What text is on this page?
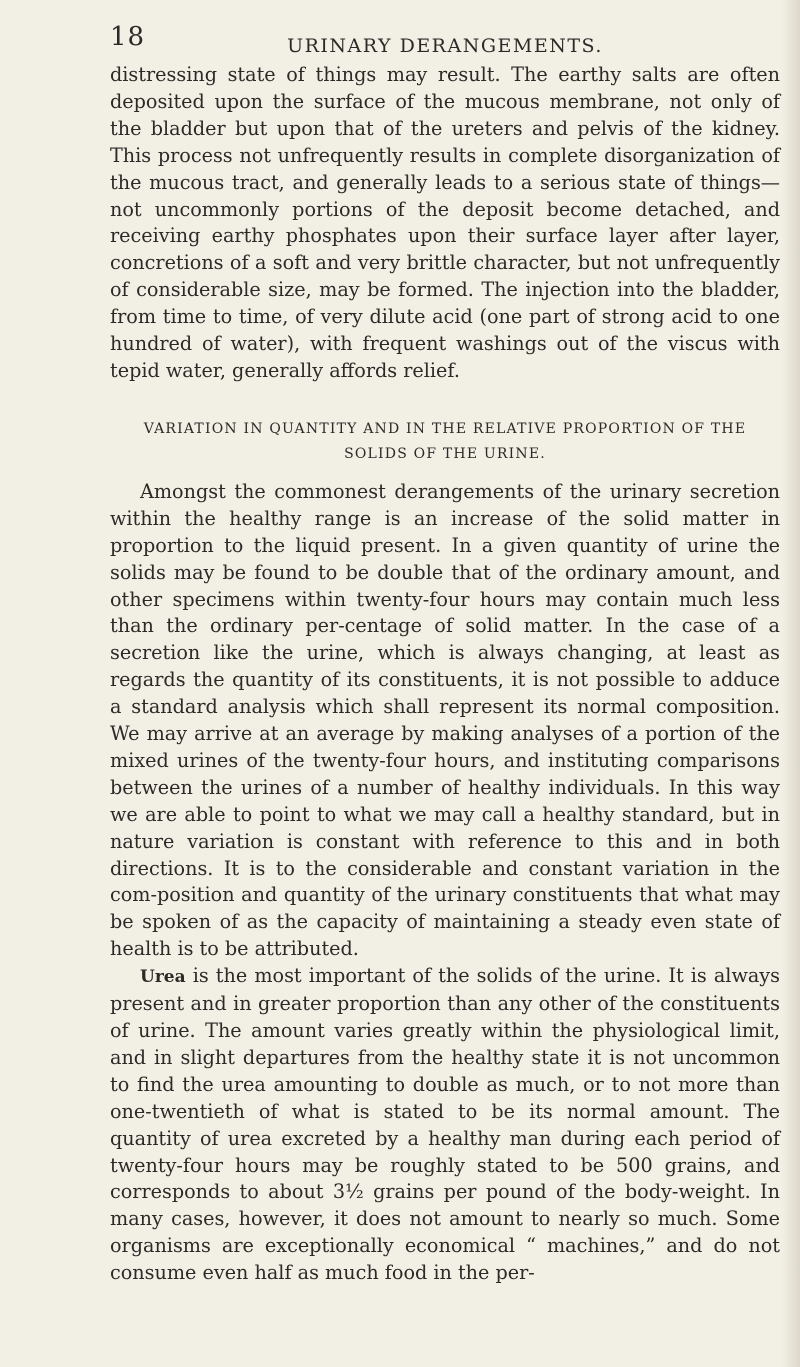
18	URINARY DERANGEMENTS.

distressing state of things may result. The earthy salts are often deposited upon the surface of the mucous membrane, not only of the bladder but upon that of the ureters and pelvis of the kidney. This process not unfrequently results in complete disorganization of the mucous tract, and generally leads to a serious state of things—not uncommonly portions of the deposit become detached, and receiving earthy phosphates upon their surface layer after layer, concretions of a soft and very brittle character, but not unfrequently of considerable size, may be formed. The injection into the bladder, from time to time, of very dilute acid (one part of strong acid to one hundred of water), with frequent washings out of the viscus with tepid water, generally affords relief.

VARIATION IN QUANTITY AND IN THE RELATIVE PROPORTION OF THE SOLIDS OF THE URINE.

Amongst the commonest derangements of the urinary secretion within the healthy range is an increase of the solid matter in proportion to the liquid present. In a given quantity of urine the solids may be found to be double that of the ordinary amount, and other specimens within twenty-four hours may contain much less than the ordinary per-centage of solid matter. In the case of a secretion like the urine, which is always changing, at least as regards the quantity of its constituents, it is not possible to adduce a standard analysis which shall represent its normal composition. We may arrive at an average by making analyses of a portion of the mixed urines of the twenty-four hours, and instituting comparisons between the urines of a number of healthy individuals. In this way we are able to point to what we may call a healthy standard, but in nature variation is constant with reference to this and in both directions. It is to the considerable and constant variation in the com-position and quantity of the urinary constituents that what may be spoken of as the capacity of maintaining a steady even state of health is to be attributed.

Urea is the most important of the solids of the urine. It is always present and in greater proportion than any other of the constituents of urine. The amount varies greatly within the physiological limit, and in slight departures from the healthy state it is not uncommon to find the urea amounting to double as much, or to not more than one-twentieth of what is stated to be its normal amount. The quantity of urea excreted by a healthy man during each period of twenty-four hours may be roughly stated to be 500 grains, and corresponds to about 3½ grains per pound of the body-weight. In many cases, however, it does not amount to nearly so much. Some organisms are exceptionally economical “ machines,” and do not consume even half as much food in the per-
